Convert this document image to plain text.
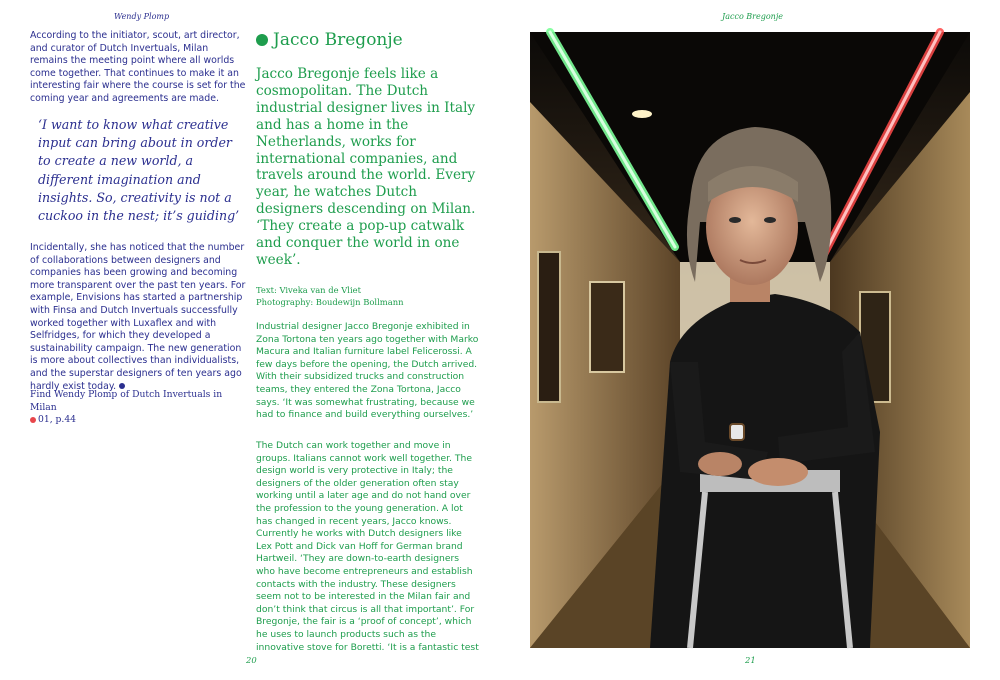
Wendy Plomp

According to the initiator, scout, art director, and curator of Dutch Invertuals, Milan remains the meeting point where all worlds come together. That continues to make it an interesting fair where the course is set for the coming year and agreements are made.

‘I want to know what creative input can bring about in order to create a new world, a different imagination and insights. So, creativity is not a cuckoo in the nest; it’s guiding’

Incidentally, she has noticed that the number of collaborations between designers and companies has been growing and becoming more transparent over the past ten years. For example, Envisions has started a partnership with Finsa and Dutch Invertuals successfully worked together with Luxaflex and with Selfridges, for which they developed a sustainability campaign. The new generation is more about collectives than individualists, and the superstar designers of ten years ago hardly exist today.

Find Wendy Plomp of Dutch Invertuals in Milan
01, p.44
20
Jacco Bregonje
Jacco Bregonje

Jacco Bregonje feels like a cosmopolitan. The Dutch industrial designer lives in Italy and has a home in the Netherlands, works for international companies, and travels around the world. Every year, he watches Dutch designers descending on Milan. ‘They create a pop-up catwalk and conquer the world in one week’.

Text: Viveka van de Vliet
Photography: Boudewijn Bollmann

Industrial designer Jacco Bregonje exhibited in Zona Tortona ten years ago together with Marko Macura and Italian furniture label Felicerossi. A few days before the opening, the Dutch arrived. With their subsidized trucks and construction teams, they entered the Zona Tortona, Jacco says. ‘It was somewhat frustrating, because we had to finance and build everything ourselves.’

The Dutch can work together and move in groups. Italians cannot work well together. The design world is very protective in Italy; the designers of the older generation often stay working until a later age and do not hand over the profession to the young generation. A lot has changed in recent years, Jacco knows. Currently he works with Dutch designers like Lex Pott and Dick van Hoff for German brand Hartweil. ‘They are down-to-earth designers who have become entrepreneurs and establish contacts with the industry. These designers seem not to be interested in the Milan fair and don’t think that circus is all that important’. For Bregonje, the fair is a ‘proof of concept’, which he uses to launch products such as the innovative stove for Boretti. ‘It is a fantastic test

21
